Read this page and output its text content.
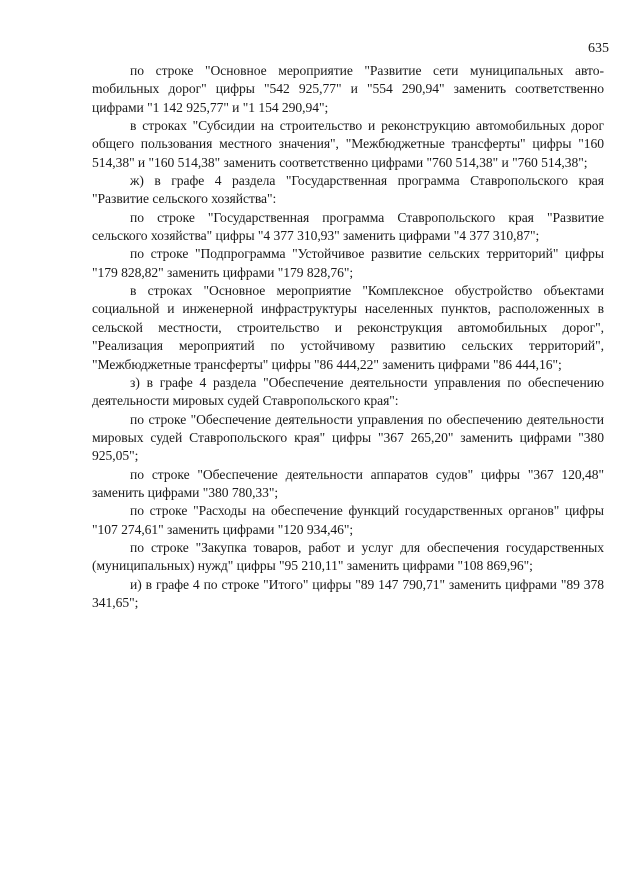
635

по строке "Основное мероприятие "Развитие сети муниципальных автоmобильных дорог" цифры "542 925,77" и "554 290,94" заменить соответственно цифрами "1 142 925,77" и "1 154 290,94";

в строках "Субсидии на строительство и реконструкцию автомобильных дорог общего пользования местного значения", "Межбюджетные трансферты" цифры "160 514,38" и "160 514,38" заменить соответственно цифрами "760 514,38" и "760 514,38";

ж) в графе 4 раздела "Государственная программа Ставропольского края "Развитие сельского хозяйства":

по строке "Государственная программа Ставропольского края "Развитие сельского хозяйства" цифры "4 377 310,93" заменить цифрами "4 377 310,87";

по строке "Подпрограмма "Устойчивое развитие сельских территорий" цифры "179 828,82" заменить цифрами "179 828,76";

в строках "Основное мероприятие "Комплексное обустройство объектами социальной и инженерной инфраструктуры населенных пунктов, расположенных в сельской местности, строительство и реконструкция автомобильных дорог", "Реализация мероприятий по устойчивому развитию сельских территорий", "Межбюджетные трансферты" цифры "86 444,22" заменить цифрами "86 444,16";

з) в графе 4 раздела "Обеспечение деятельности управления по обеспечению деятельности мировых судей Ставропольского края":

по строке "Обеспечение деятельности управления по обеспечению деятельности мировых судей Ставропольского края" цифры "367 265,20" заменить цифрами "380 925,05";

по строке "Обеспечение деятельности аппаратов судов" цифры "367 120,48" заменить цифрами "380 780,33";

по строке "Расходы на обеспечение функций государственных органов" цифры "107 274,61" заменить цифрами "120 934,46";

по строке "Закупка товаров, работ и услуг для обеспечения государственных (муниципальных) нужд" цифры "95 210,11" заменить цифрами "108 869,96";

и) в графе 4 по строке "Итого" цифры "89 147 790,71" заменить цифрами "89 378 341,65";
